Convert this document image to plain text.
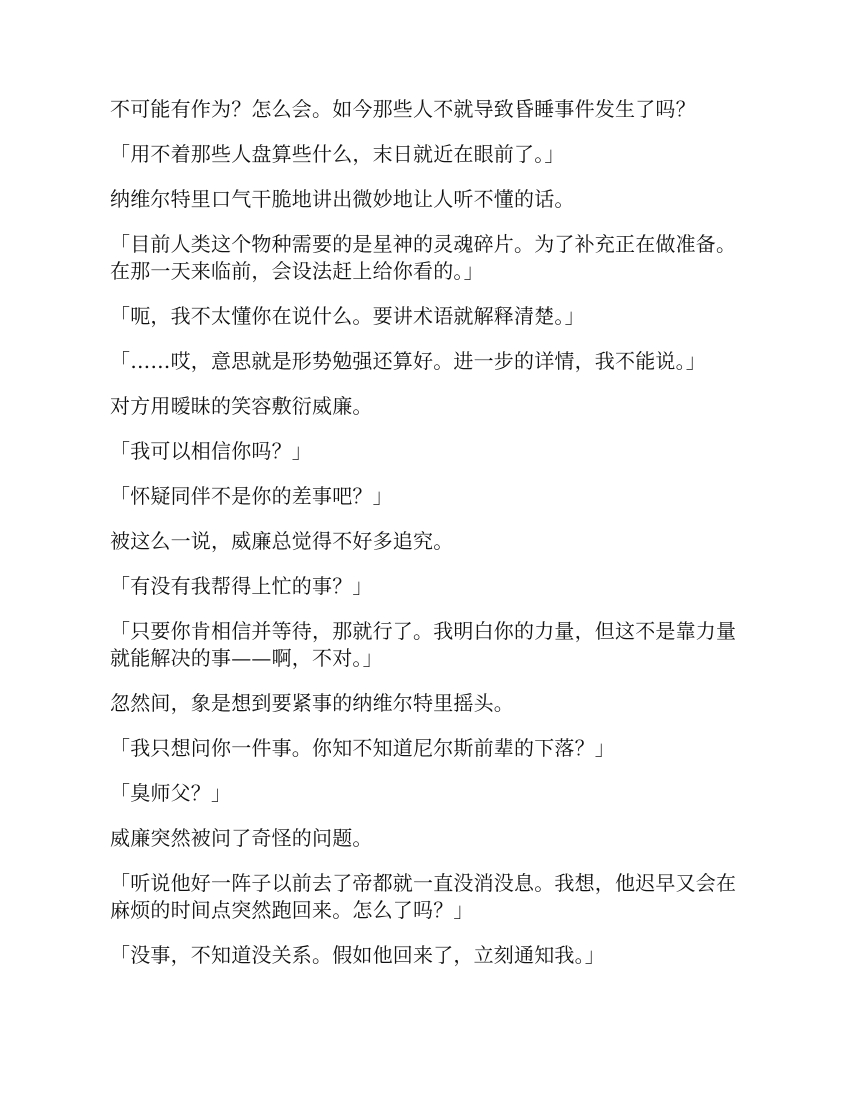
不可能有作为？怎么会。如今那些人不就导致昏睡事件发生了吗？

「用不着那些人盘算些什么，末日就近在眼前了。」

纳维尔特里口气干脆地讲出微妙地让人听不懂的话。

「目前人类这个物种需要的是星神的灵魂碎片。为了补充正在做准备。在那一天来临前，会设法赶上给你看的。」

「呃，我不太懂你在说什么。要讲术语就解释清楚。」

「……哎，意思就是形势勉强还算好。进一步的详情，我不能说。」

对方用暧昧的笑容敷衍威廉。

「我可以相信你吗？」

「怀疑同伴不是你的差事吧？」

被这么一说，威廉总觉得不好多追究。

「有没有我帮得上忙的事？」

「只要你肯相信并等待，那就行了。我明白你的力量，但这不是靠力量就能解决的事——啊，不对。」

忽然间，象是想到要紧事的纳维尔特里摇头。

「我只想问你一件事。你知不知道尼尔斯前辈的下落？」

「臭师父？」

威廉突然被问了奇怪的问题。

「听说他好一阵子以前去了帝都就一直没消没息。我想，他迟早又会在麻烦的时间点突然跑回来。怎么了吗？」

「没事，不知道没关系。假如他回来了，立刻通知我。」
